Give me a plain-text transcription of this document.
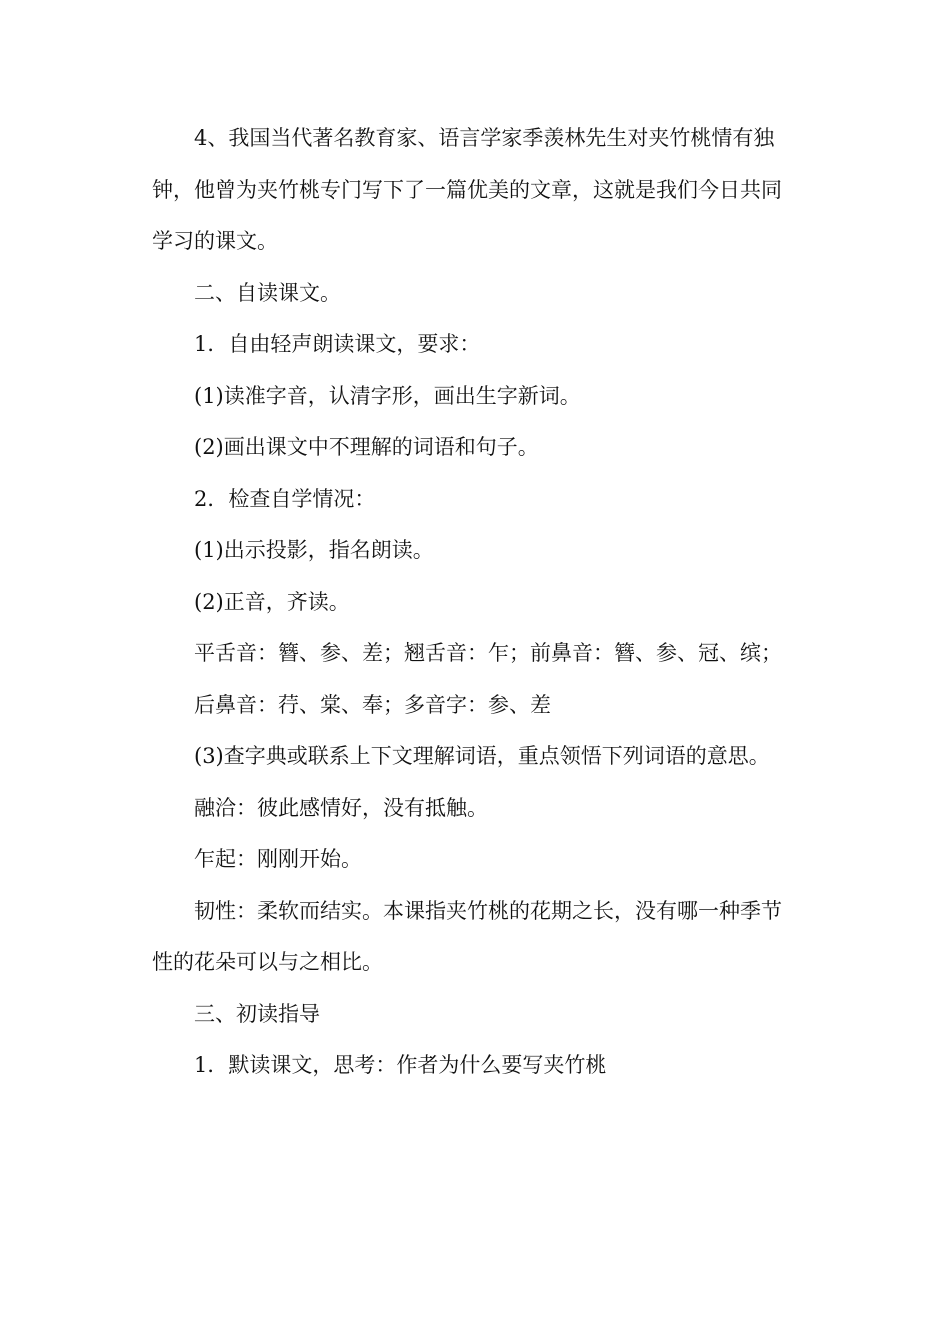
4、我国当代著名教育家、语言学家季羡林先生对夹竹桃情有独钟，他曾为夹竹桃专门写下了一篇优美的文章，这就是我们今日共同学习的课文。

二、自读课文。

1．自由轻声朗读课文，要求：

(1)读准字音，认清字形，画出生字新词。

(2)画出课文中不理解的词语和句子。

2．检查自学情况：

(1)出示投影，指名朗读。

(2)正音，齐读。

平舌音：簪、参、差；翘舌音：乍；前鼻音：簪、参、冠、缤；

后鼻音：荇、棠、奉；多音字：参、差

(3)查字典或联系上下文理解词语，重点领悟下列词语的意思。

融洽：彼此感情好，没有抵触。

乍起：刚刚开始。

韧性：柔软而结实。本课指夹竹桃的花期之长，没有哪一种季节性的花朵可以与之相比。

三、初读指导

1．默读课文，思考：作者为什么要写夹竹桃
